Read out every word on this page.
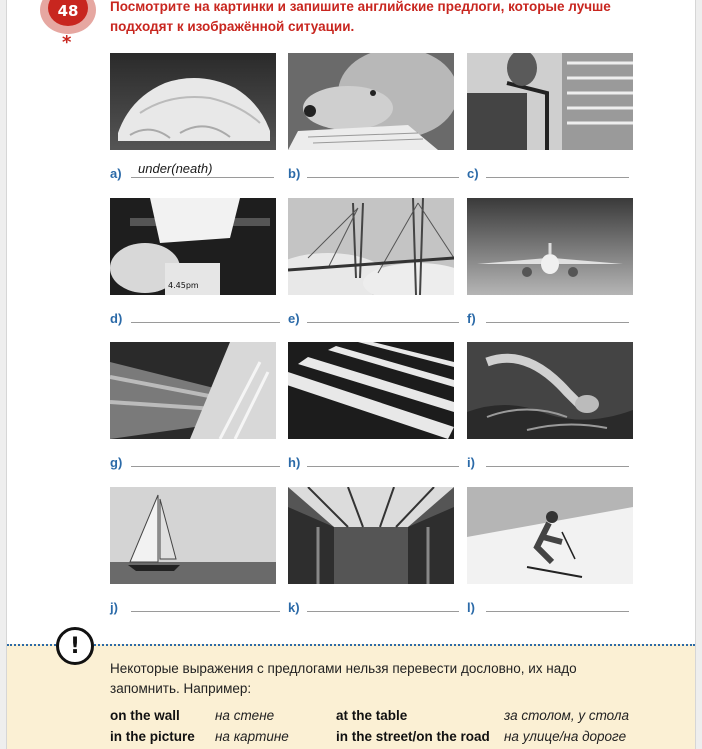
48
*
Посмотрите на картинки и запишите английские предлоги, которые лучше подходят к изображённой ситуации.
a) under(neath)	b)	c)
4.45pm
d)	e)	f)
g)	h)	i)
j)	k)	l)
!
Некоторые выражения с предлогами нельзя перевести дословно, их надо запомнить. Например:
on the wall	на стене	at the table	за столом, у стола
in the picture на картине	in the street/on the road на улице/на дороге
